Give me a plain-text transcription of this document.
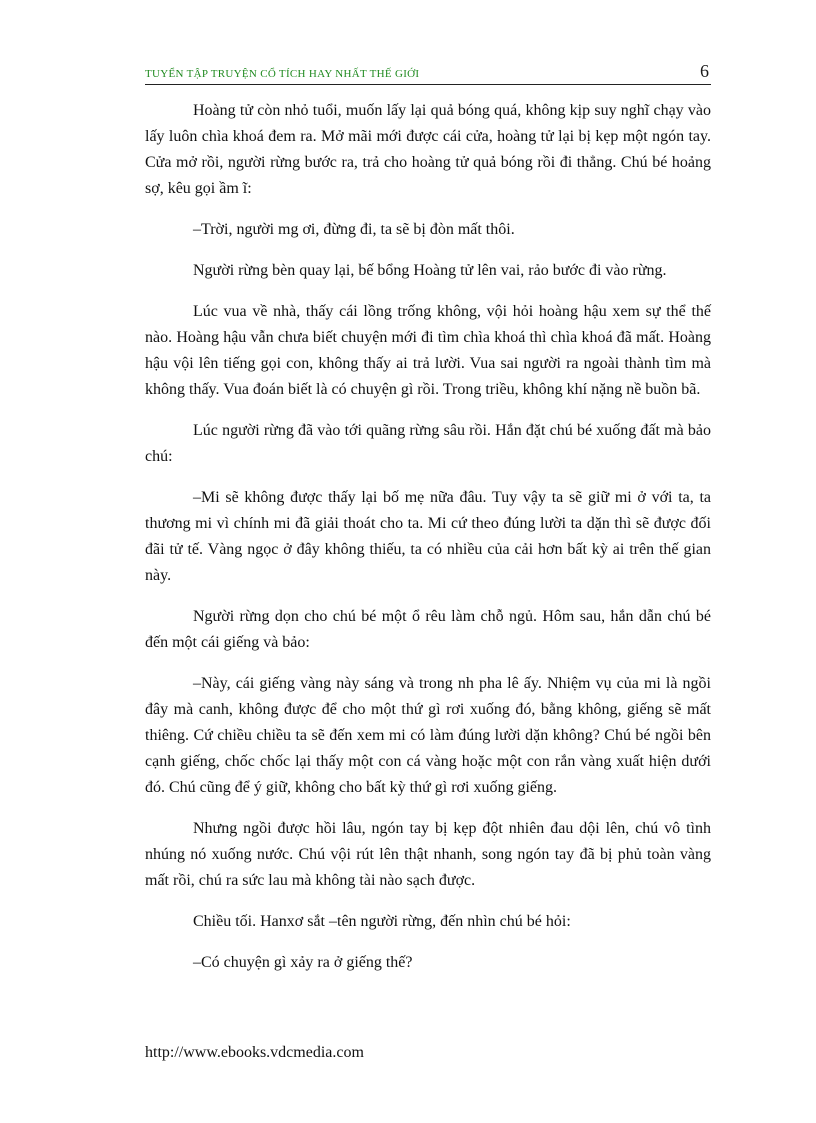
TUYỂN TẬP TRUYỆN CỔ TÍCH HAY NHẤT THẾ GIỚI	6

Hoàng tử còn nhỏ tuổi, muốn lấy lại quả bóng quá, không kịp suy nghĩ chạy vào lấy luôn chìa khoá đem ra. Mở mãi mới được cái cửa, hoàng tử lại bị kẹp một ngón tay. Cửa mở rồi, người rừng bước ra, trả cho hoàng tử quả bóng rồi đi thẳng. Chú bé hoảng sợ, kêu gọi ầm ĩ:

–Trời, người mg ơi, đừng đi, ta sẽ bị đòn mất thôi.

Người rừng bèn quay lại, bế bổng Hoàng tử lên vai, rảo bước đi vào rừng.

Lúc vua về nhà, thấy cái lồng trống không, vội hỏi hoàng hậu xem sự thể thế nào. Hoàng hậu vẫn chưa biết chuyện mới đi tìm chìa khoá thì chìa khoá đã mất. Hoàng hậu vội lên tiếng gọi con, không thấy ai trả lười. Vua sai người ra ngoài thành tìm mà không thấy. Vua đoán biết là có chuyện gì rồi. Trong triều, không khí nặng nề buồn bã.

Lúc người rừng đã vào tới quãng rừng sâu rồi. Hắn đặt chú bé xuống đất mà bảo chú:

–Mi sẽ không được thấy lại bố mẹ nữa đâu. Tuy vậy ta sẽ giữ mi ở với ta, ta thương mi vì chính mi đã giải thoát cho ta. Mi cứ theo đúng lười ta dặn thì sẽ được đối đãi tử tế. Vàng ngọc ở đây không thiếu, ta có nhiều của cải hơn bất kỳ ai trên thế gian này.

Người rừng dọn cho chú bé một ổ rêu làm chỗ ngủ. Hôm sau, hắn dẫn chú bé đến một cái giếng và bảo:

–Này, cái giếng vàng này sáng và trong nh pha lê ấy. Nhiệm vụ của mi là ngồi đây mà canh, không được để cho một thứ gì rơi xuống đó, bằng không, giếng sẽ mất thiêng. Cứ chiều chiều ta sẽ đến xem mi có làm đúng lười dặn không? Chú bé ngồi bên cạnh giếng, chốc chốc lại thấy một con cá vàng hoặc một con rắn vàng xuất hiện dưới đó. Chú cũng để ý giữ, không cho bất kỳ thứ gì rơi xuống giếng.

Nhưng ngồi được hồi lâu, ngón tay bị kẹp đột nhiên đau dội lên, chú vô tình nhúng nó xuống nước. Chú vội rút lên thật nhanh, song ngón tay đã bị phủ toàn vàng mất rồi, chú ra sức lau mà không tài nào sạch được.

Chiều tối. Hanxơ sắt –tên người rừng, đến nhìn chú bé hỏi:

–Có chuyện gì xảy ra ở giếng thế?

http://www.ebooks.vdcmedia.com
